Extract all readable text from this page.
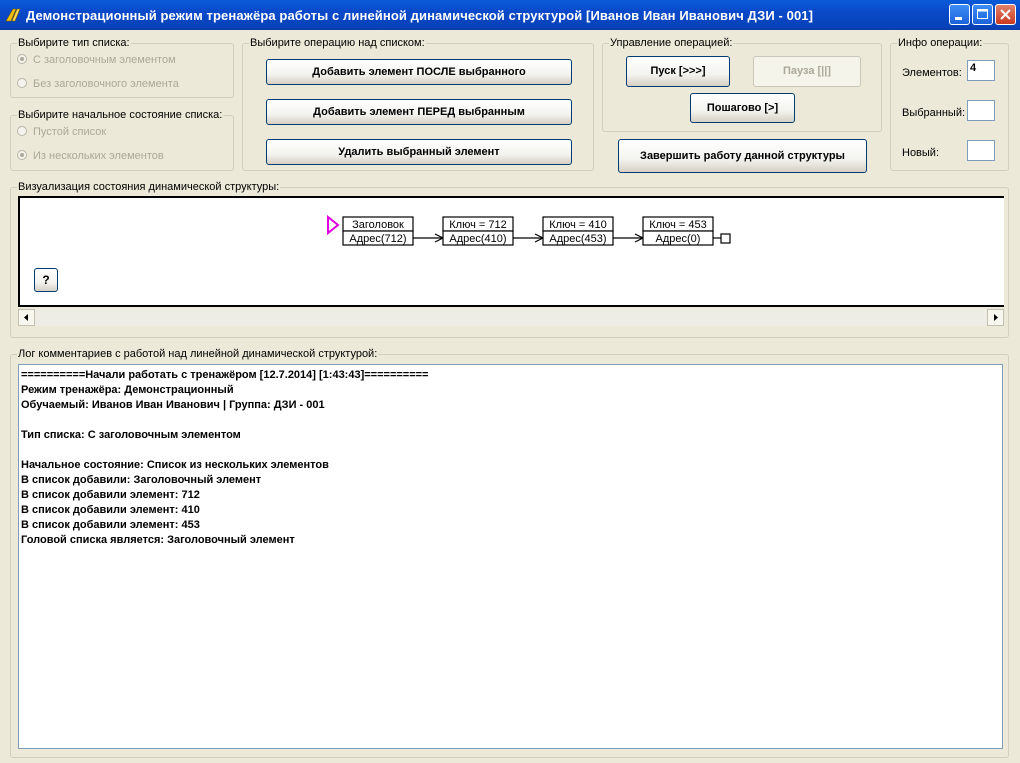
Демонстрационный режим тренажёра работы с линейной динамической структурой [Иванов Иван Иванович ДЗИ - 001]
Выбирите тип списка:
С заголовочным элементом
Без заголовочного элемента
Выбирите начальное состояние списка:
Пустой список
Из нескольких элементов
Выбирите операцию над списком:
Добавить элемент ПОСЛЕ выбранного
Добавить элемент ПЕРЕД выбранным
Удалить выбранный элемент
Управление операцией:
Пуск [>>>]	Пауза [||]
Пошагово [>]
Завершить работу данной структуры
Инфо операции:
Элементов: 4
Выбранный:
Новый:
Визуализация состояния динамической структуры:
Заголовок
Адрес(712)
Ключ = 712
Адрес(410)
Ключ = 410
Адрес(453)
Ключ = 453
Адрес(0)
?
Лог комментариев с работой над линейной динамической структурой:
==========Начали работать с тренажёром [12.7.2014] [1:43:43]==========
Режим тренажёра: Демонстрационный
Обучаемый: Иванов Иван Иванович | Группа: ДЗИ - 001
Тип списка: С заголовочным элементом
Начальное состояние: Список из нескольких элементов
В список добавили: Заголовочный элемент
В список добавили элемент: 712
В список добавили элемент: 410
В список добавили элемент: 453
Головой списка является: Заголовочный элемент
